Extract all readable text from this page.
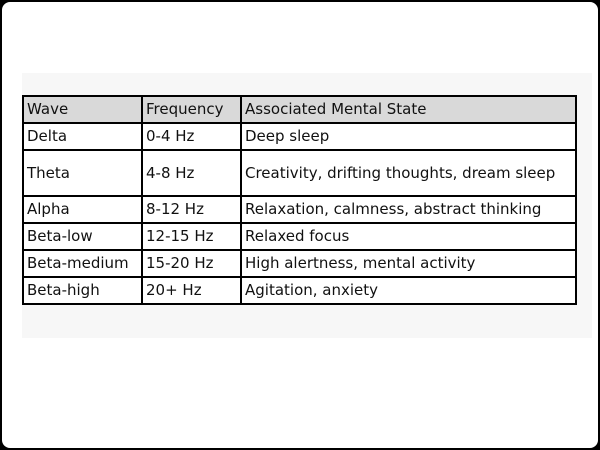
Wave	Frequency	Associated Mental State
Delta	0-4 Hz	Deep sleep
Theta	4-8 Hz	Creativity, drifting thoughts, dream sleep
Alpha	8-12 Hz	Relaxation, calmness, abstract thinking
Beta-low	12-15 Hz	Relaxed focus
Beta-medium	15-20 Hz	High alertness, mental activity
Beta-high	20+ Hz	Agitation, anxiety
